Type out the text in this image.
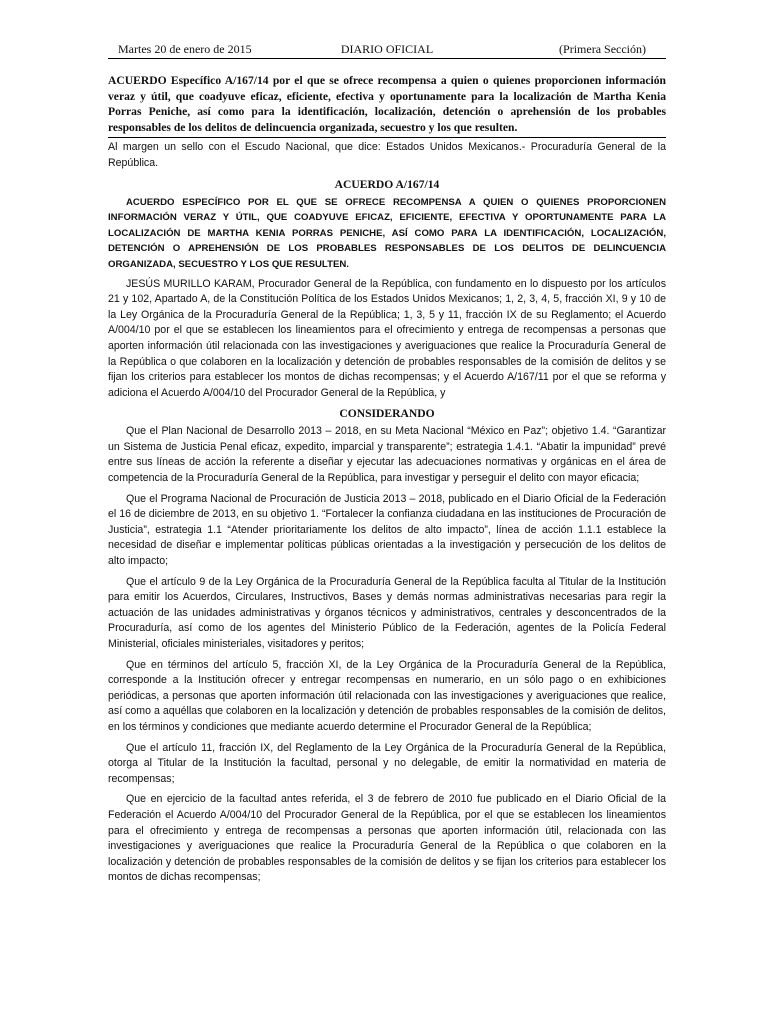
Martes 20 de enero de 2015	DIARIO OFICIAL	(Primera Sección)
ACUERDO Específico A/167/14 por el que se ofrece recompensa a quien o quienes proporcionen información veraz y útil, que coadyuve eficaz, eficiente, efectiva y oportunamente para la localización de Martha Kenia Porras Peniche, así como para la identificación, localización, detención o aprehensión de los probables responsables de los delitos de delincuencia organizada, secuestro y los que resulten.

Al margen un sello con el Escudo Nacional, que dice: Estados Unidos Mexicanos.- Procuraduría General de la República.

ACUERDO A/167/14

ACUERDO ESPECÍFICO POR EL QUE SE OFRECE RECOMPENSA A QUIEN O QUIENES PROPORCIONEN INFORMACIÓN VERAZ Y ÚTIL, QUE COADYUVE EFICAZ, EFICIENTE, EFECTIVA Y OPORTUNAMENTE PARA LA LOCALIZACIÓN DE MARTHA KENIA PORRAS PENICHE, ASÍ COMO PARA LA IDENTIFICACIÓN, LOCALIZACIÓN, DETENCIÓN O APREHENSIÓN DE LOS PROBABLES RESPONSABLES DE LOS DELITOS DE DELINCUENCIA ORGANIZADA, SECUESTRO Y LOS QUE RESULTEN.

JESÚS MURILLO KARAM, Procurador General de la República, con fundamento en lo dispuesto por los artículos 21 y 102, Apartado A, de la Constitución Política de los Estados Unidos Mexicanos; 1, 2, 3, 4, 5, fracción XI, 9 y 10 de la Ley Orgánica de la Procuraduría General de la República; 1, 3, 5 y 11, fracción IX de su Reglamento; el Acuerdo A/004/10 por el que se establecen los lineamientos para el ofrecimiento y entrega de recompensas a personas que aporten información útil relacionada con las investigaciones y averiguaciones que realice la Procuraduría General de la República o que colaboren en la localización y detención de probables responsables de la comisión de delitos y se fijan los criterios para establecer los montos de dichas recompensas; y el Acuerdo A/167/11 por el que se reforma y adiciona el Acuerdo A/004/10 del Procurador General de la República, y

CONSIDERANDO

Que el Plan Nacional de Desarrollo 2013 – 2018, en su Meta Nacional “México en Paz”; objetivo 1.4. “Garantizar un Sistema de Justicia Penal eficaz, expedito, imparcial y transparente”; estrategia 1.4.1. “Abatir la impunidad” prevé entre sus líneas de acción la referente a diseñar y ejecutar las adecuaciones normativas y orgánicas en el área de competencia de la Procuraduría General de la República, para investigar y perseguir el delito con mayor eficacia;

Que el Programa Nacional de Procuración de Justicia 2013 – 2018, publicado en el Diario Oficial de la Federación el 16 de diciembre de 2013, en su objetivo 1. “Fortalecer la confianza ciudadana en las instituciones de Procuración de Justicia”, estrategia 1.1 “Atender prioritariamente los delitos de alto impacto”, línea de acción 1.1.1 establece la necesidad de diseñar e implementar políticas públicas orientadas a la investigación y persecución de los delitos de alto impacto;

Que el artículo 9 de la Ley Orgánica de la Procuraduría General de la República faculta al Titular de la Institución para emitir los Acuerdos, Circulares, Instructivos, Bases y demás normas administrativas necesarias para regir la actuación de las unidades administrativas y órganos técnicos y administrativos, centrales y desconcentrados de la Procuraduría, así como de los agentes del Ministerio Público de la Federación, agentes de la Policía Federal Ministerial, oficiales ministeriales, visitadores y peritos;

Que en términos del artículo 5, fracción XI, de la Ley Orgánica de la Procuraduría General de la República, corresponde a la Institución ofrecer y entregar recompensas en numerario, en un sólo pago o en exhibiciones periódicas, a personas que aporten información útil relacionada con las investigaciones y averiguaciones que realice, así como a aquéllas que colaboren en la localización y detención de probables responsables de la comisión de delitos, en los términos y condiciones que mediante acuerdo determine el Procurador General de la República;

Que el artículo 11, fracción IX, del Reglamento de la Ley Orgánica de la Procuraduría General de la República, otorga al Titular de la Institución la facultad, personal y no delegable, de emitir la normatividad en materia de recompensas;

Que en ejercicio de la facultad antes referida, el 3 de febrero de 2010 fue publicado en el Diario Oficial de la Federación el Acuerdo A/004/10 del Procurador General de la República, por el que se establecen los lineamientos para el ofrecimiento y entrega de recompensas a personas que aporten información útil, relacionada con las investigaciones y averiguaciones que realice la Procuraduría General de la República o que colaboren en la localización y detención de probables responsables de la comisión de delitos y se fijan los criterios para establecer los montos de dichas recompensas;
